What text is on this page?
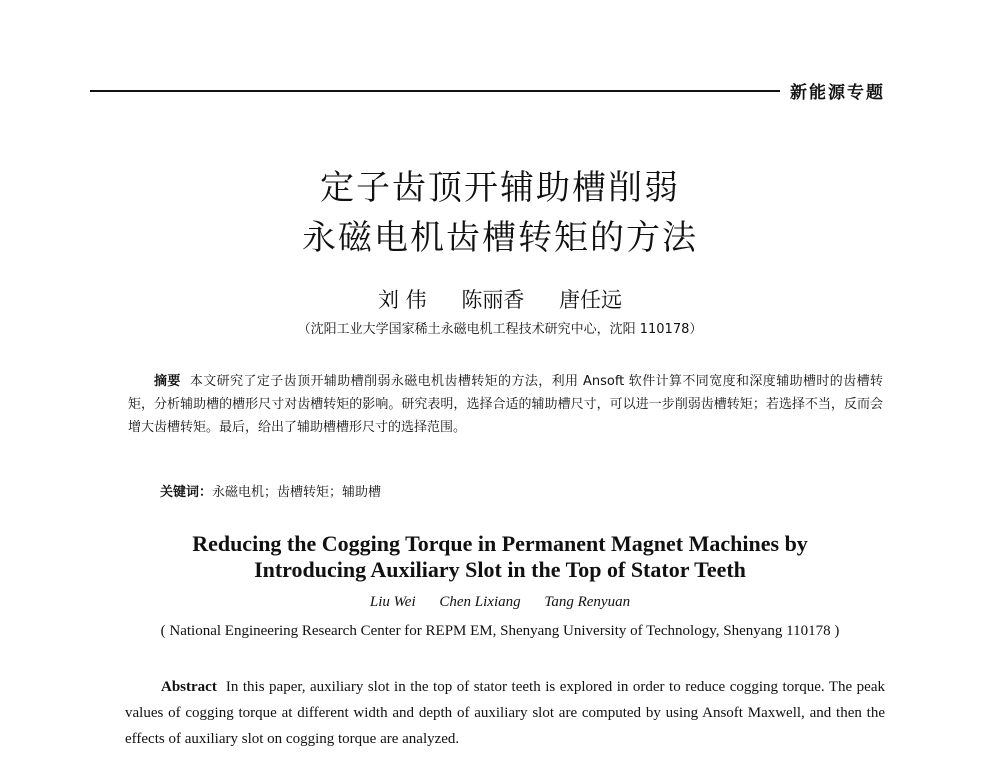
新能源专题
定子齿顶开辅助槽削弱
永磁电机齿槽转矩的方法
刘 伟 陈丽香 唐任远
（沈阳工业大学国家稀土永磁电机工程技术研究中心，沈阳 110178）
摘要 本文研究了定子齿顶开辅助槽削弱永磁电机齿槽转矩的方法，利用 Ansoft 软件计算不同宽度和深度辅助槽时的齿槽转矩，分析辅助槽的槽形尺寸对齿槽转矩的影响。研究表明，选择合适的辅助槽尺寸，可以进一步削弱齿槽转矩；若选择不当，反而会增大齿槽转矩。最后，给出了辅助槽槽形尺寸的选择范围。
关键词：永磁电机；齿槽转矩；辅助槽
Reducing the Cogging Torque in Permanent Magnet Machines by
Introducing Auxiliary Slot in the Top of Stator Teeth
Liu Wei Chen Lixiang Tang Renyuan
( National Engineering Research Center for REPM EM, Shenyang University of Technology, Shenyang 110178 )
Abstract In this paper, auxiliary slot in the top of stator teeth is explored in order to reduce cogging torque. The peak values of cogging torque at different width and depth of auxiliary slot are computed by using Ansoft Maxwell, and then the effects of auxiliary slot on cogging torque are analyzed.
